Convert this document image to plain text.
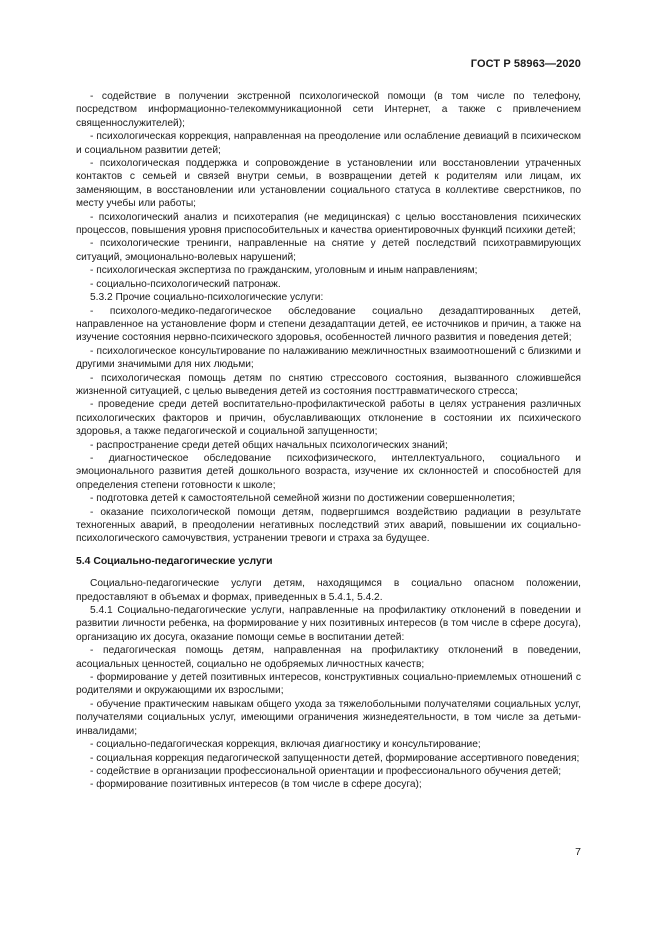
ГОСТ Р 58963—2020

- содействие в получении экстренной психологической помощи (в том числе по телефону, посредством информационно-телекоммуникационной сети Интернет, а также с привлечением священнослужителей);

- психологическая коррекция, направленная на преодоление или ослабление девиаций в психическом и социальном развитии детей;

- психологическая поддержка и сопровождение в установлении или восстановлении утраченных контактов с семьей и связей внутри семьи, в возвращении детей к родителям или лицам, их заменяющим, в восстановлении или установлении социального статуса в коллективе сверстников, по месту учебы или работы;

- психологический анализ и психотерапия (не медицинская) с целью восстановления психических процессов, повышения уровня приспособительных и качества ориентировочных функций психики детей;

- психологические тренинги, направленные на снятие у детей последствий психотравмирующих ситуаций, эмоционально-волевых нарушений;

- психологическая экспертиза по гражданским, уголовным и иным направлениям;

- социально-психологический патронаж.

5.3.2 Прочие социально-психологические услуги:

- психолого-медико-педагогическое обследование социально дезадаптированных детей, направленное на установление форм и степени дезадаптации детей, ее источников и причин, а также на изучение состояния нервно-психического здоровья, особенностей личного развития и поведения детей;

- психологическое консультирование по налаживанию межличностных взаимоотношений с близкими и другими значимыми для них людьми;

- психологическая помощь детям по снятию стрессового состояния, вызванного сложившейся жизненной ситуацией, с целью выведения детей из состояния посттравматического стресса;

- проведение среди детей воспитательно-профилактической работы в целях устранения различных психологических факторов и причин, обуславливающих отклонение в состоянии их психического здоровья, а также педагогической и социальной запущенности;

- распространение среди детей общих начальных психологических знаний;

- диагностическое обследование психофизического, интеллектуального, социального и эмоционального развития детей дошкольного возраста, изучение их склонностей и способностей для определения степени готовности к школе;

- подготовка детей к самостоятельной семейной жизни по достижении совершеннолетия;

- оказание психологической помощи детям, подвергшимся воздействию радиации в результате техногенных аварий, в преодолении негативных последствий этих аварий, повышении их социально-психологического самочувствия, устранении тревоги и страха за будущее.

5.4 Социально-педагогические услуги

Социально-педагогические услуги детям, находящимся в социально опасном положении, предоставляют в объемах и формах, приведенных в 5.4.1, 5.4.2.

5.4.1 Социально-педагогические услуги, направленные на профилактику отклонений в поведении и развитии личности ребенка, на формирование у них позитивных интересов (в том числе в сфере досуга), организацию их досуга, оказание помощи семье в воспитании детей:

- педагогическая помощь детям, направленная на профилактику отклонений в поведении, асоциальных ценностей, социально не одобряемых личностных качеств;

- формирование у детей позитивных интересов, конструктивных социально-приемлемых отношений с родителями и окружающими их взрослыми;

- обучение практическим навыкам общего ухода за тяжелобольными получателями социальных услуг, получателями социальных услуг, имеющими ограничения жизнедеятельности, в том числе за детьми-инвалидами;

- социально-педагогическая коррекция, включая диагностику и консультирование;

- социальная коррекция педагогической запущенности детей, формирование ассертивного поведения;

- содействие в организации профессиональной ориентации и профессионального обучения детей;

- формирование позитивных интересов (в том числе в сфере досуга);

7
